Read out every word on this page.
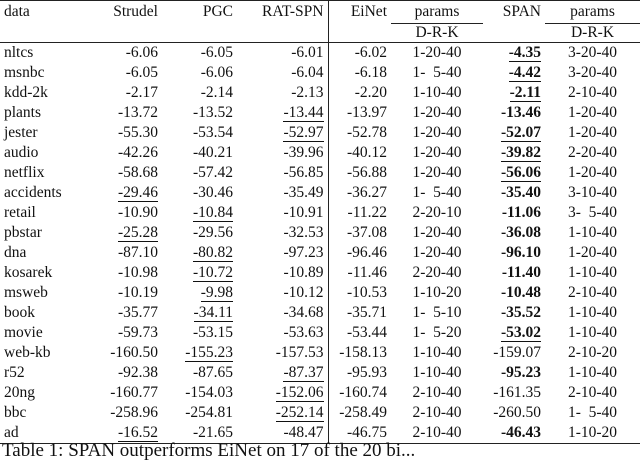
data	Strudel	PGC	RAT-SPN	EiNet	params	SPAN	params
					D-R-K		D-R-K
nltcs	-6.06	-6.05	-6.01	-6.02	1-20-40	-4.35	3-20-40
msnbc	-6.05	-6.06	-6.04	-6.18	1-  5-40	-4.42	3-20-40
kdd-2k	-2.17	-2.14	-2.13	-2.20	1-10-40	-2.11	2-10-40
plants	-13.72	-13.52	-13.44	-13.97	1-20-40	-13.46	1-20-40
jester	-55.30	-53.54	-52.97	-52.78	1-20-40	-52.07	1-20-40
audio	-42.26	-40.21	-39.96	-40.12	1-20-40	-39.82	2-20-40
netflix	-58.68	-57.42	-56.85	-56.88	1-20-40	-56.06	1-20-40
accidents	-29.46	-30.46	-35.49	-36.27	1-  5-40	-35.40	3-10-40
retail	-10.90	-10.84	-10.91	-11.22	2-20-10	-11.06	3-  5-40
pbstar	-25.28	-29.56	-32.53	-37.08	1-20-40	-36.08	1-10-40
dna	-87.10	-80.82	-97.23	-96.46	1-20-40	-96.10	1-20-40
kosarek	-10.98	-10.72	-10.89	-11.46	2-20-40	-11.40	1-10-40
msweb	-10.19	-9.98	-10.12	-10.53	1-10-20	-10.48	2-10-40
book	-35.77	-34.11	-34.68	-35.71	1-  5-10	-35.52	1-10-40
movie	-59.73	-53.15	-53.63	-53.44	1-  5-20	-53.02	1-10-40
web-kb	-160.50	-155.23	-157.53	-158.13	1-10-40	-159.07	2-10-20
r52	-92.38	-87.65	-87.37	-95.93	1-10-40	-95.23	1-10-40
20ng	-160.77	-154.03	-152.06	-160.74	2-10-40	-161.35	2-10-40
bbc	-258.96	-254.81	-252.14	-258.49	2-10-40	-260.50	1-  5-40
ad	-16.52	-21.65	-48.47	-46.75	2-10-40	-46.43	1-10-20
Table 1: SPAN outperforms EiNet on 17 of the 20 bi...
